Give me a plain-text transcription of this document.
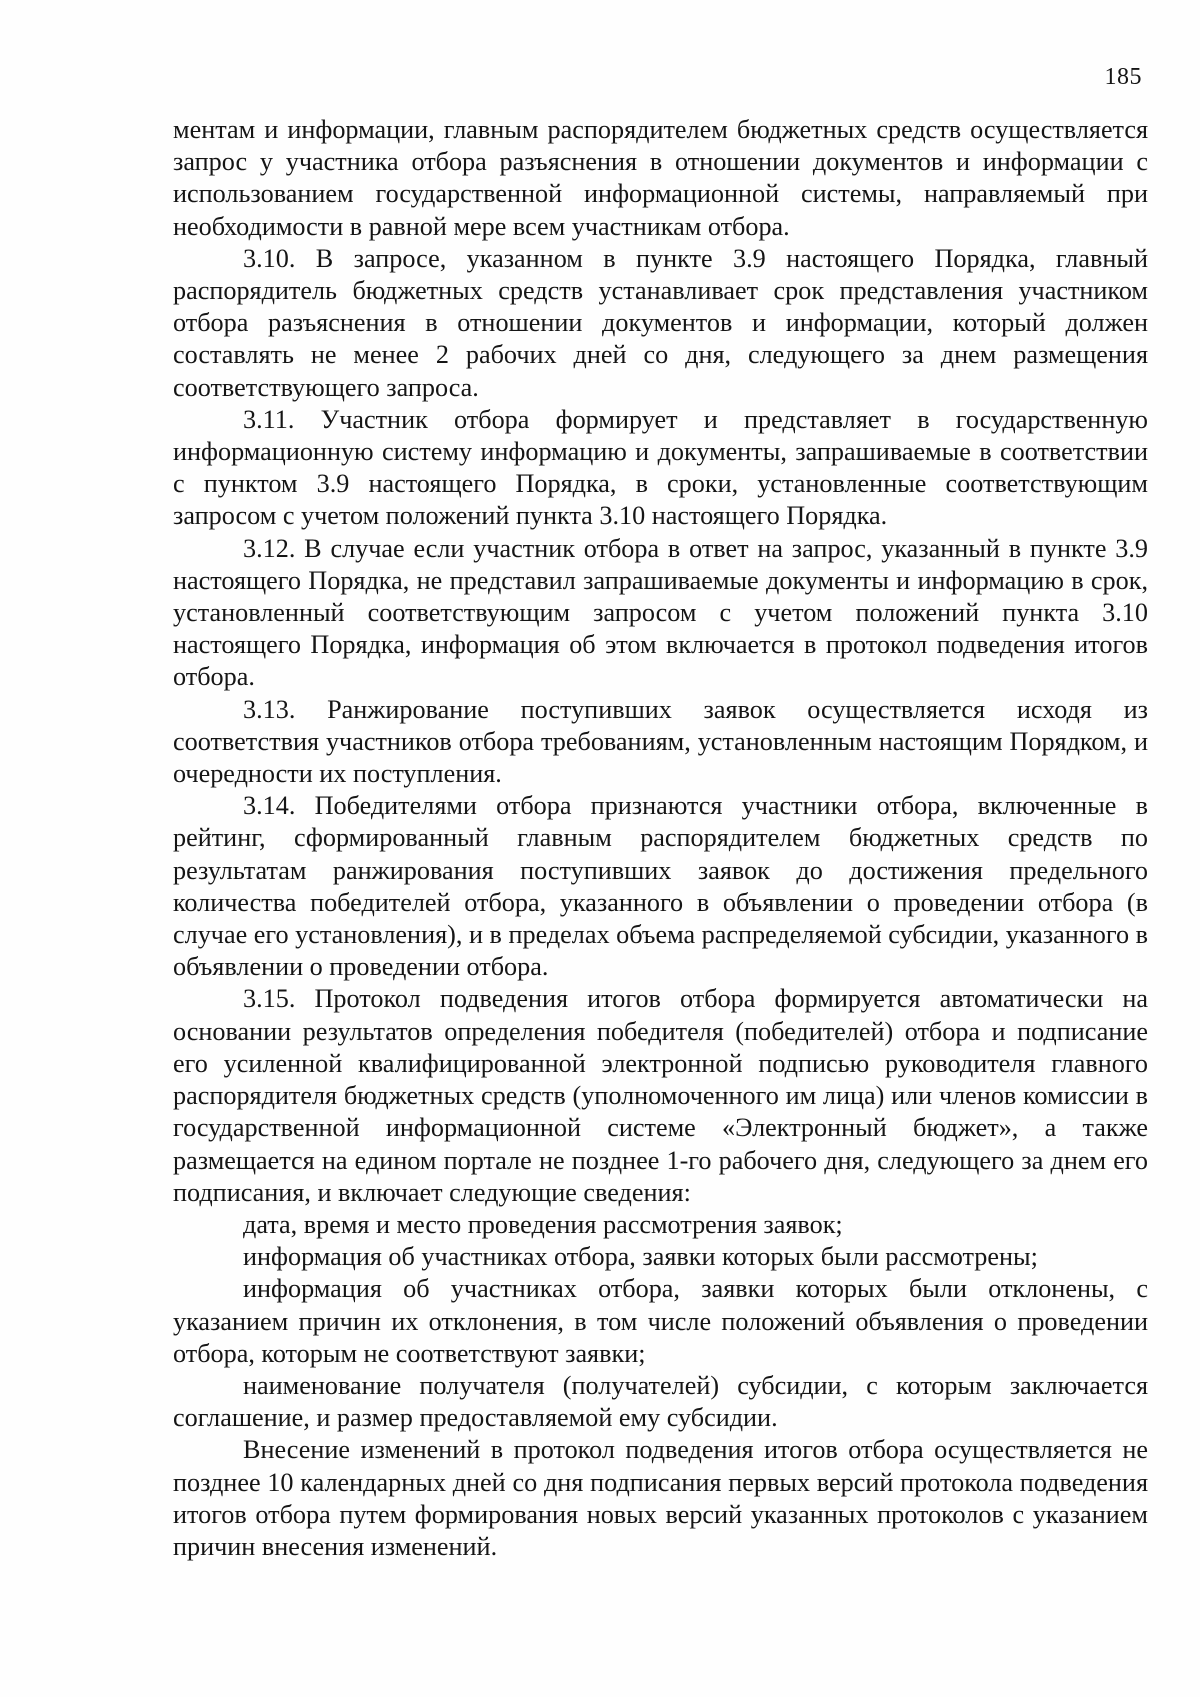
185

ментам и информации, главным распорядителем бюджетных средств осуществляется запрос у участника отбора разъяснения в отношении документов и информации с использованием государственной информационной системы, направляемый при необходимости в равной мере всем участникам отбора.

3.10. В запросе, указанном в пункте 3.9 настоящего Порядка, главный распорядитель бюджетных средств устанавливает срок представления участником отбора разъяснения в отношении документов и информации, который должен составлять не менее 2 рабочих дней со дня, следующего за днем размещения соответствующего запроса.

3.11. Участник отбора формирует и представляет в государственную информационную систему информацию и документы, запрашиваемые в соответствии с пунктом 3.9 настоящего Порядка, в сроки, установленные соответствующим запросом с учетом положений пункта 3.10 настоящего Порядка.

3.12. В случае если участник отбора в ответ на запрос, указанный в пункте 3.9 настоящего Порядка, не представил запрашиваемые документы и информацию в срок, установленный соответствующим запросом с учетом положений пункта 3.10 настоящего Порядка, информация об этом включается в протокол подведения итогов отбора.

3.13. Ранжирование поступивших заявок осуществляется исходя из соответствия участников отбора требованиям, установленным настоящим Порядком, и очередности их поступления.

3.14. Победителями отбора признаются участники отбора, включенные в рейтинг, сформированный главным распорядителем бюджетных средств по результатам ранжирования поступивших заявок до достижения предельного количества победителей отбора, указанного в объявлении о проведении отбора (в случае его установления), и в пределах объема распределяемой субсидии, указанного в объявлении о проведении отбора.

3.15. Протокол подведения итогов отбора формируется автоматически на основании результатов определения победителя (победителей) отбора и подписание его усиленной квалифицированной электронной подписью руководителя главного распорядителя бюджетных средств (уполномоченного им лица) или членов комиссии в государственной информационной системе «Электронный бюджет», а также размещается на едином портале не позднее 1-го рабочего дня, следующего за днем его подписания, и включает следующие сведения:

дата, время и место проведения рассмотрения заявок;

информация об участниках отбора, заявки которых были рассмотрены;

информация об участниках отбора, заявки которых были отклонены, с указанием причин их отклонения, в том числе положений объявления о проведении отбора, которым не соответствуют заявки;

наименование получателя (получателей) субсидии, с которым заключается соглашение, и размер предоставляемой ему субсидии.

Внесение изменений в протокол подведения итогов отбора осуществляется не позднее 10 календарных дней со дня подписания первых версий протокола подведения итогов отбора путем формирования новых версий указанных протоколов с указанием причин внесения изменений.
